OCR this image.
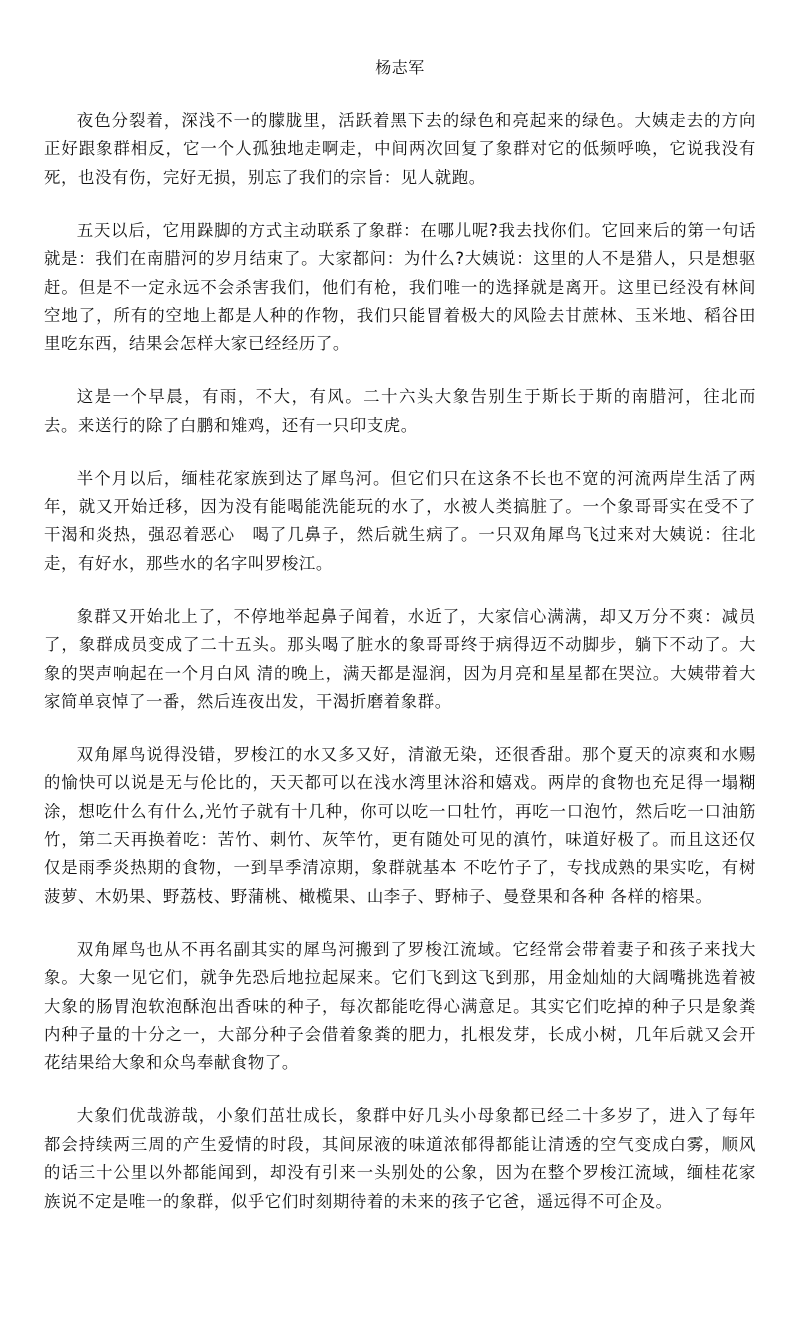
杨志军

夜色分裂着，深浅不一的朦胧里，活跃着黑下去的绿色和亮起来的绿色。大姨走去的方向正好跟象群相反，它一个人孤独地走啊走，中间两次回复了象群对它的低频呼唤，它说我没有死，也没有伤，完好无损，别忘了我们的宗旨：见人就跑。

五天以后，它用跺脚的方式主动联系了象群：在哪儿呢?我去找你们。它回来后的第一句话就是：我们在南腊河的岁月结束了。大家都问：为什么?大姨说：这里的人不是猎人，只是想驱赶。但是不一定永远不会杀害我们，他们有枪，我们唯一的选择就是离开。这里已经没有林间空地了，所有的空地上都是人种的作物，我们只能冒着极大的风险去甘蔗林、玉米地、稻谷田里吃东西，结果会怎样大家已经经历了。

这是一个早晨，有雨，不大，有风。二十六头大象告别生于斯长于斯的南腊河，往北而去。来送行的除了白鹏和雉鸡，还有一只印支虎。

半个月以后，缅桂花家族到达了犀鸟河。但它们只在这条不长也不宽的河流两岸生活了两年，就又开始迁移，因为没有能喝能洗能玩的水了，水被人类搞脏了。一个象哥哥实在受不了干渴和炎热，强忍着恶心　喝了几鼻子，然后就生病了。一只双角犀鸟飞过来对大姨说：往北走，有好水，那些水的名字叫罗梭江。

象群又开始北上了，不停地举起鼻子闻着，水近了，大家信心满满，却又万分不爽：减员了，象群成员变成了二十五头。那头喝了脏水的象哥哥终于病得迈不动脚步，躺下不动了。大象的哭声响起在一个月白风 清的晚上，满天都是湿润，因为月亮和星星都在哭泣。大姨带着大家简单哀悼了一番，然后连夜出发，干渴折磨着象群。

双角犀鸟说得没错，罗梭江的水又多又好，清澈无染，还很香甜。那个夏天的凉爽和水赐的愉快可以说是无与伦比的，天天都可以在浅水湾里沐浴和嬉戏。两岸的食物也充足得一塌糊涂，想吃什么有什么,光竹子就有十几种，你可以吃一口牡竹，再吃一口泡竹，然后吃一口油筋竹，第二天再换着吃：苦竹、刺竹、灰竿竹，更有随处可见的滇竹，味道好极了。而且这还仅仅是雨季炎热期的食物，一到旱季清凉期，象群就基本 不吃竹子了，专找成熟的果实吃，有树菠萝、木奶果、野荔枝、野蒲桃、橄榄果、山李子、野柿子、曼登果和各种 各样的榕果。

双角犀鸟也从不再名副其实的犀鸟河搬到了罗梭江流域。它经常会带着妻子和孩子来找大象。大象一见它们，就争先恐后地拉起屎来。它们飞到这飞到那，用金灿灿的大阔嘴挑选着被大象的肠胃泡软泡酥泡出香味的种子，每次都能吃得心满意足。其实它们吃掉的种子只是象粪内种子量的十分之一，大部分种子会借着象粪的肥力，扎根发芽，长成小树，几年后就又会开花结果给大象和众鸟奉献食物了。

大象们优哉游哉，小象们茁壮成长，象群中好几头小母象都已经二十多岁了，进入了每年都会持续两三周的产生爱情的时段，其间尿液的味道浓郁得都能让清透的空气变成白雾，顺风的话三十公里以外都能闻到，却没有引来一头别处的公象，因为在整个罗梭江流域，缅桂花家族说不定是唯一的象群，似乎它们时刻期待着的未来的孩子它爸，遥远得不可企及。
